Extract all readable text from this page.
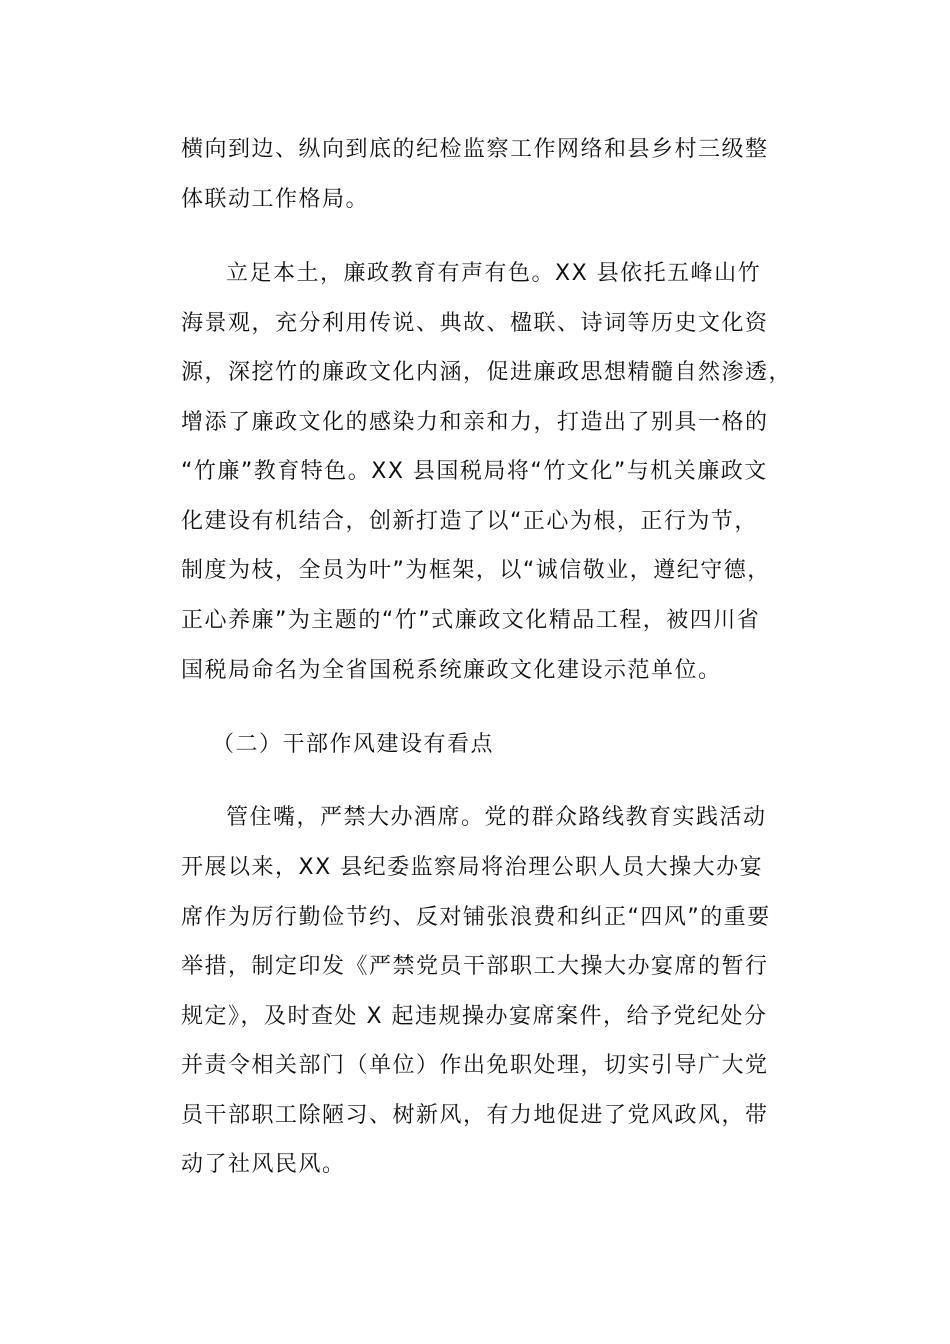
横向到边、纵向到底的纪检监察工作网络和县乡村三级整
体联动工作格局。
立足本土，廉政教育有声有色。XX 县依托五峰山竹
海景观，充分利用传说、典故、楹联、诗词等历史文化资
源，深挖竹的廉政文化内涵，促进廉政思想精髓自然渗透，
增添了廉政文化的感染力和亲和力，打造出了别具一格的
“竹廉”教育特色。XX 县国税局将“竹文化”与机关廉政文
化建设有机结合，创新打造了以“正心为根，正行为节，
制度为枝，全员为叶”为框架，以“诚信敬业，遵纪守德，
正心养廉”为主题的“竹”式廉政文化精品工程，被四川省
国税局命名为全省国税系统廉政文化建设示范单位。
（二）干部作风建设有看点
管住嘴，严禁大办酒席。党的群众路线教育实践活动
开展以来，XX 县纪委监察局将治理公职人员大操大办宴
席作为厉行勤俭节约、反对铺张浪费和纠正“四风”的重要
举措，制定印发《严禁党员干部职工大操大办宴席的暂行
规定》，及时查处 X 起违规操办宴席案件，给予党纪处分
并责令相关部门（单位）作出免职处理，切实引导广大党
员干部职工除陋习、树新风，有力地促进了党风政风，带
动了社风民风。
